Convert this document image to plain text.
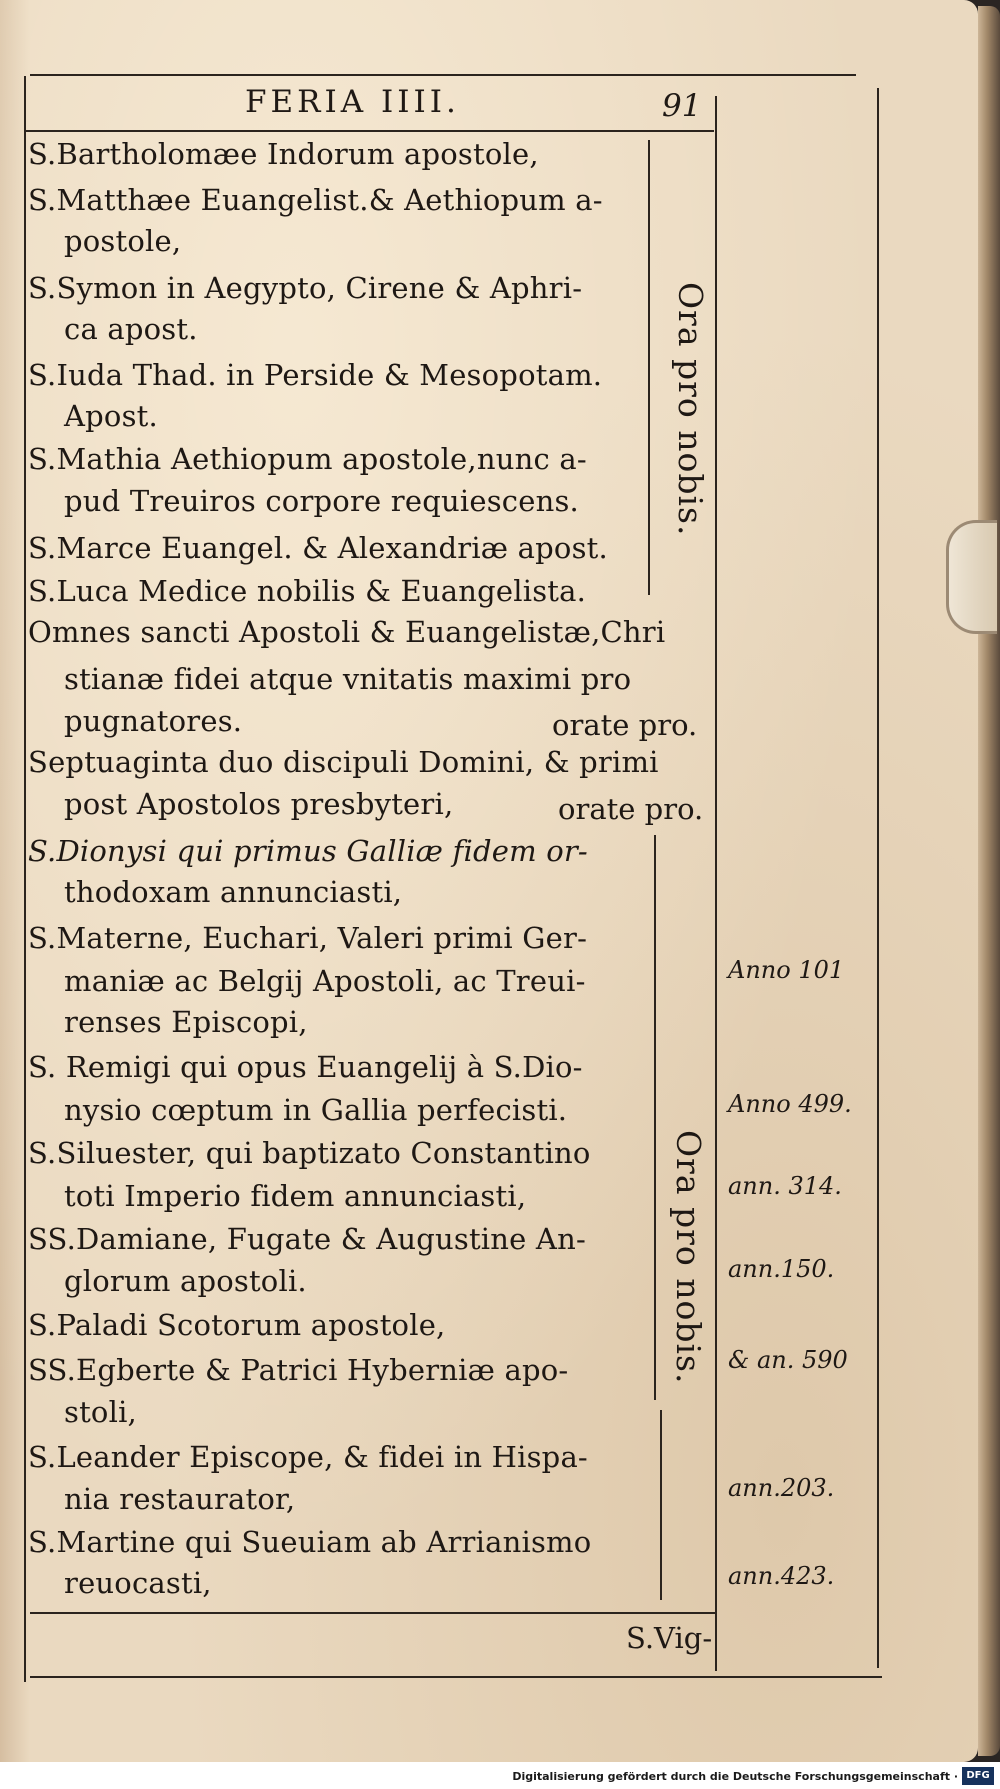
FERIA IIII.	91
S.Bartholomæe Indorum apostole,
S.Matthæe Euangelist.& Aethiopum a-
postole,
S.Symon in Aegypto, Cirene & Aphri-
ca apost.
S.Iuda Thad. in Perside & Mesopotam.
Apost.
S.Mathia Aethiopum apostole,nunc a-
pud Treuiros corpore requiescens.
S.Marce Euangel. & Alexandriæ apost.
S.Luca Medice nobilis & Euangelista.
Omnes sancti Apostoli & Euangelistæ,Chri
stianæ fidei atque vnitatis maximi pro
pugnatores.
Septuaginta duo discipuli Domini, & primi
post Apostolos presbyteri,
S.Dionysi qui primus Galliæ fidem or-
thodoxam annunciasti,
S.Materne, Euchari, Valeri primi Ger-
maniæ ac Belgij Apostoli, ac Treui-
renses Episcopi,
S. Remigi qui opus Euangelij à S.Dio-
nysio cœptum in Gallia perfecisti.
S.Siluester, qui baptizato Constantino
toti Imperio fidem annunciasti,
SS.Damiane, Fugate & Augustine An-
glorum apostoli.
S.Paladi Scotorum apostole,
SS.Egberte & Patrici Hyberniæ apo-
stoli,
S.Leander Episcope, & fidei in Hispa-
nia restaurator,
S.Martine qui Sueuiam ab Arrianismo
reuocasti,
orate pro.
orate pro.
Ora pro nobis.
Ora pro nobis.
Anno 101
Anno 499.
ann. 314.
ann.150.
& an. 590
ann.203.
ann.423.
S.Vig-
Digitalisierung gefördert durch die Deutsche Forschungsgemeinschaft · DFG
